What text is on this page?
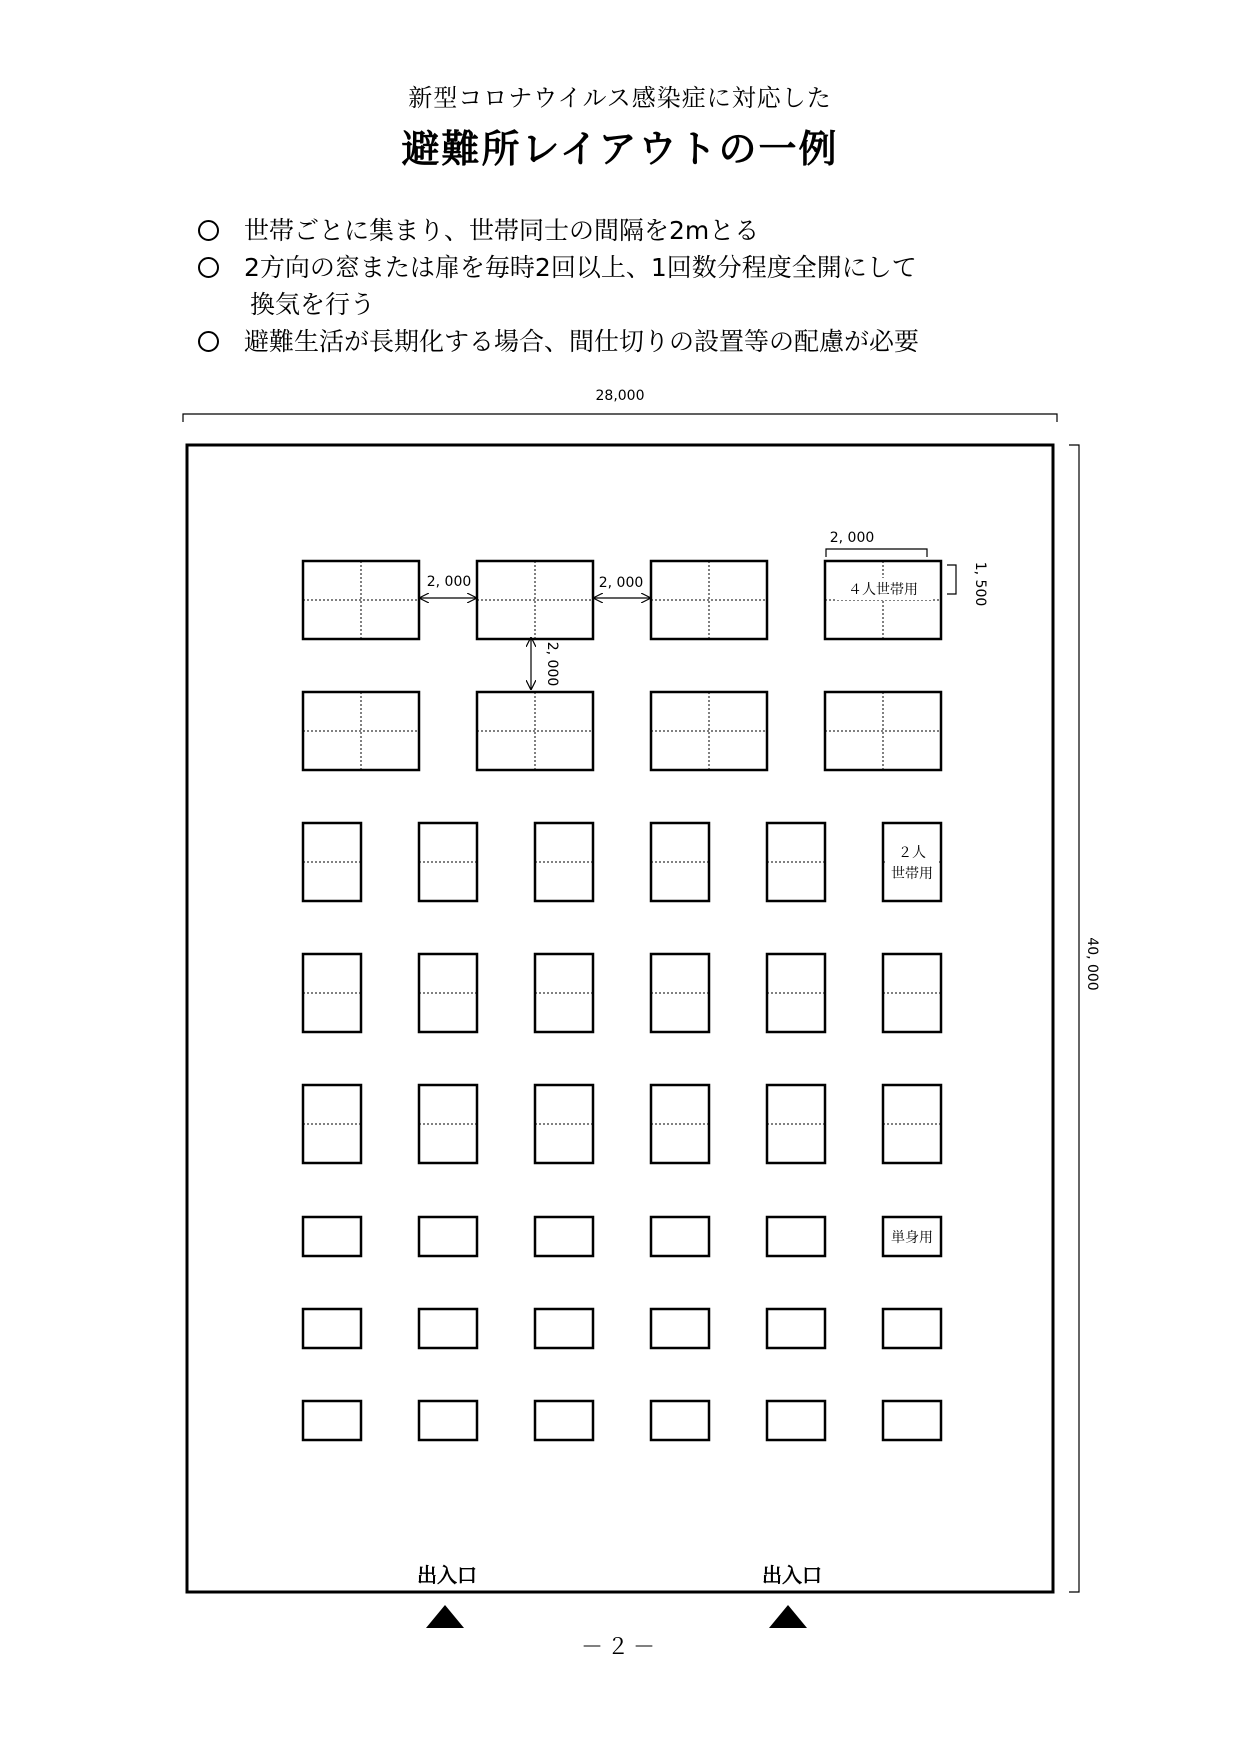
新型コロナウイルス感染症に対応した
避難所レイアウトの一例
世帯ごとに集まり、世帯同士の間隔を2mとる
2方向の窓または扉を毎時2回以上、1回数分程度全開にして
換気を行う
避難生活が長期化する場合、間仕切りの設置等の配慮が必要
28,000
40, 000
４人世帯用
２人
世帯用
単身用
2, 000	2, 000
2, 000
2, 000
1, 500
出入口	出入口
－２－
